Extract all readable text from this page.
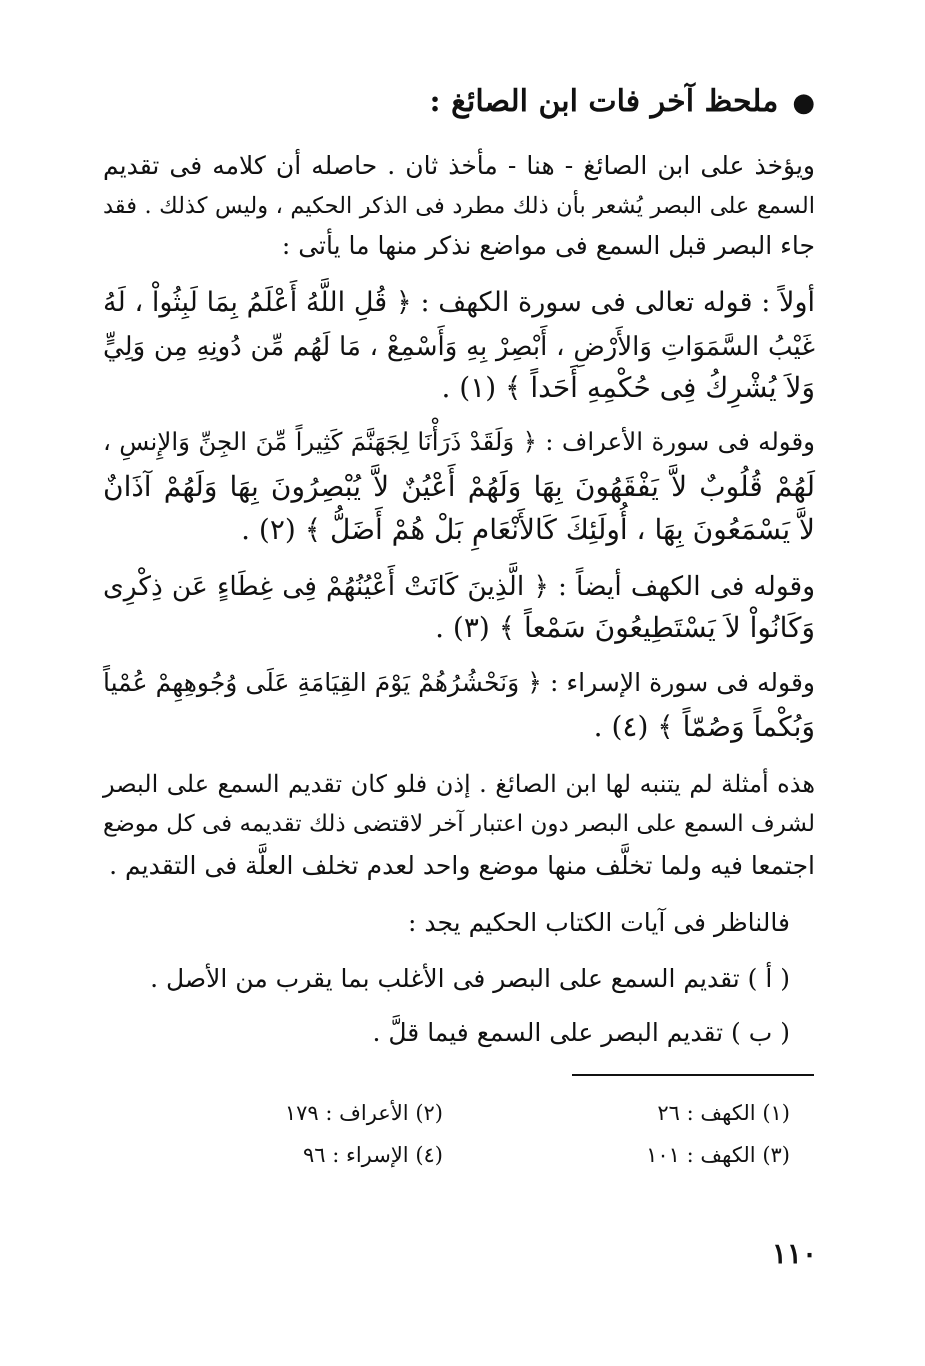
●ملحظ آخر فات ابن الصائغ :

ويؤخذ على ابن الصائغ - هنا - مأخذ ثان . حاصله أن كلامه فى تقديم

السمع على البصر يُشعر بأن ذلك مطرد فى الذكر الحكيم ، وليس كذلك . فقد

جاء البصر قبل السمع فى مواضع نذكر منها ما يأتى :

أولاً : قوله تعالى فى سورة الكهف : ﴿ قُلِ اللَّهُ أَعْلَمُ بِمَا لَبِثُواْ ، لَهُ

غَيْبُ السَّمَوَاتِ وَالأَرْضِ ، أَبْصِرْ بِهِ وَأَسْمِعْ ، مَا لَهُم مِّن دُونِهِ مِن وَلِيٍّ

وَلاَ يُشْرِكُ فِى حُكْمِهِ أَحَداً ﴾ (١) .

وقوله فى سورة الأعراف : ﴿ وَلَقَدْ ذَرَأْنَا لِجَهَنَّمَ كَثِيراً مِّنَ الجِنِّ وَالإِنسِ ،

لَهُمْ قُلُوبٌ لاَّ يَفْقَهُونَ بِهَا وَلَهُمْ أَعْيُنٌ لاَّ يُبْصِرُونَ بِهَا وَلَهُمْ آذَانٌ

لاَّ يَسْمَعُونَ بِهَا ، أُولَئِكَ كَالأَنْعَامِ بَلْ هُمْ أَضَلُّ ﴾ (٢) .

وقوله فى الكهف أيضاً : ﴿ الَّذِينَ كَانَتْ أَعْيُنُهُمْ فِى غِطَاءٍ عَن ذِكْرِى

وَكَانُواْ لاَ يَسْتَطِيعُونَ سَمْعاً ﴾ (٣) .

وقوله فى سورة الإسراء : ﴿ وَنَحْشُرُهُمْ يَوْمَ القِيَامَةِ عَلَى وُجُوهِهِمْ عُمْياً

وَبُكْماً وَصُمّاً ﴾ (٤) .

هذه أمثلة لم يتنبه لها ابن الصائغ . إذن فلو كان تقديم السمع على البصر

لشرف السمع على البصر دون اعتبار آخر لاقتضى ذلك تقديمه فى كل موضع

اجتمعا فيه ولما تخلَّف منها موضع واحد لعدم تخلف العلَّة فى التقديم .

فالناظر فى آيات الكتاب الحكيم يجد :

( أ ) تقديم السمع على البصر فى الأغلب بما يقرب من الأصل .

( ب ) تقديم البصر على السمع فيما قلَّ .

(١) الكهف : ٢٦
(٢) الأعراف : ١٧٩
(٣) الكهف : ١٠١
(٤) الإسراء : ٩٦
١١٠
